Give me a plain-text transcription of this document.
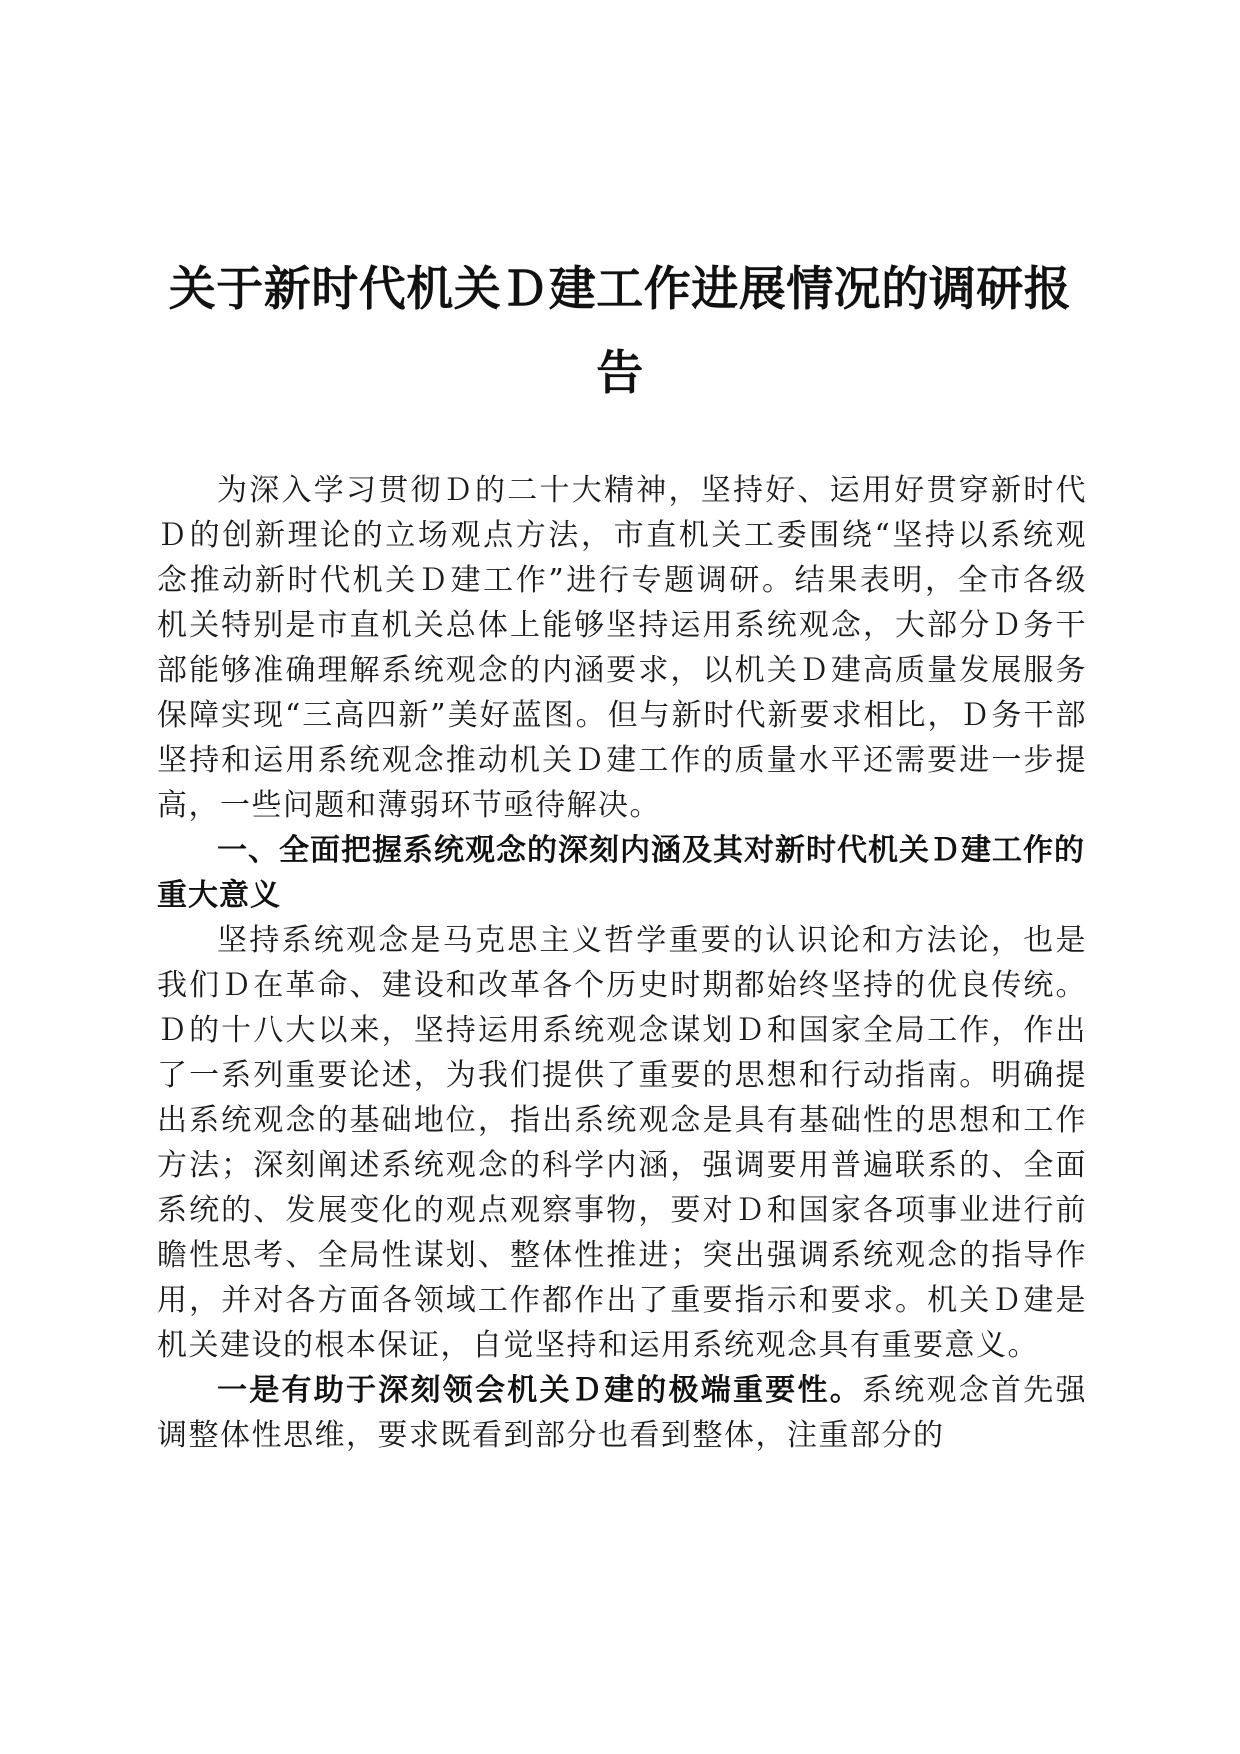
关于新时代机关Ｄ建工作进展情况的调研报告

为深入学习贯彻Ｄ的二十大精神，坚持好、运用好贯穿新时代Ｄ的创新理论的立场观点方法，市直机关工委围绕“坚持以系统观念推动新时代机关Ｄ建工作”进行专题调研。结果表明，全市各级机关特别是市直机关总体上能够坚持运用系统观念，大部分Ｄ务干部能够准确理解系统观念的内涵要求，以机关Ｄ建高质量发展服务保障实现“三高四新”美好蓝图。但与新时代新要求相比，Ｄ务干部坚持和运用系统观念推动机关Ｄ建工作的质量水平还需要进一步提高，一些问题和薄弱环节亟待解决。

一、全面把握系统观念的深刻内涵及其对新时代机关Ｄ建工作的重大意义

坚持系统观念是马克思主义哲学重要的认识论和方法论，也是我们Ｄ在革命、建设和改革各个历史时期都始终坚持的优良传统。Ｄ的十八大以来，坚持运用系统观念谋划Ｄ和国家全局工作，作出了一系列重要论述，为我们提供了重要的思想和行动指南。明确提出系统观念的基础地位，指出系统观念是具有基础性的思想和工作方法；深刻阐述系统观念的科学内涵，强调要用普遍联系的、全面系统的、发展变化的观点观察事物，要对Ｄ和国家各项事业进行前瞻性思考、全局性谋划、整体性推进；突出强调系统观念的指导作用，并对各方面各领域工作都作出了重要指示和要求。机关Ｄ建是机关建设的根本保证，自觉坚持和运用系统观念具有重要意义。

一是有助于深刻领会机关Ｄ建的极端重要性。系统观念首先强调整体性思维，要求既看到部分也看到整体，注重部分的
